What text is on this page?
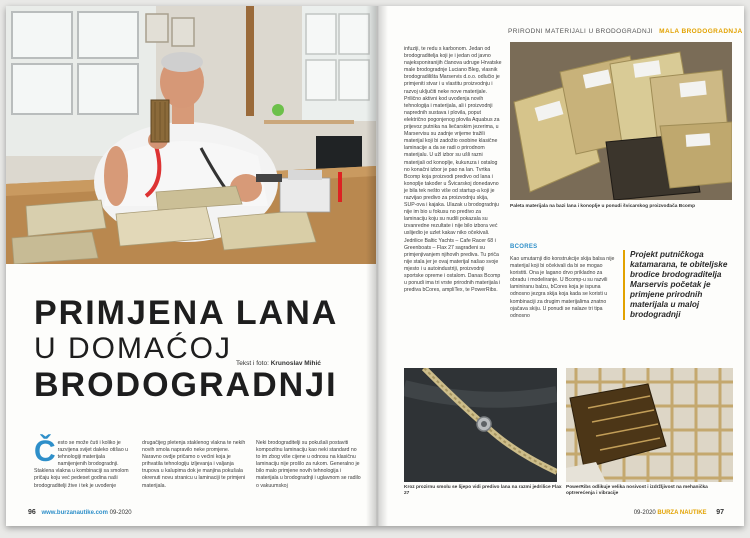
PRIMJENA LANA
U DOMAĆOJ
BRODOGRADNJI
Tekst i foto: Krunoslav Mihić
Č esto se može čuti i koliko je razvijena svijet daleko otišao u tehnologiji materijala namijenjenih brodogradnji. Staklena vlakna u kombinaciji sa smolom pričaju koju već pedeset godina naši brodograditelji žive i tek je uvođenje
drugačijeg pletenja staklenog vlakna te nekih novih smola napravilo neke promjene. Naravno ovdje pričamo o većini koja je prihvatila tehnologiju izljevanja i valjanja trupova u kalupima dok je manjina pokušala okrenuti novu stranicu u laminaciji te primjeni materijala.
Neki brodograditelji su pokušali postaviti kompozitnu laminaciju kao neki standard no to im zbog više cijene u odnosu na klasičnu laminaciju nije prošlo za rukom. Generalno je bilo malo primjene novih tehnologija i materijala u brodogradnji i uglavnom se radilo o vakuumskoj
96 www.burzanautike.com 09-2020
PRIRODNI MATERIJALI U BRODOGRADNJI MALA BRODOGRADNJA
infuziji, te redu s karbonom. Jedan od brodograditelja koji je i jedan od javno najeksponiranijih članova udruge Hrvatske male brodogradnje Luciano Bleg, vlasnik brodogradilišta Marservis d.o.o. odlučio je primjeniti stvar i u vlastitu proizvodnju i razvoj uključiti neke nove materijale. Prilično aktivni kod uvođenja novih tehnologija i materijala, ali i proizvodnji naprednih sustava i plovila, poput električno pogonjenog plovila Aquabus za prijevoz putnika na liečarskim jezerima, u Marservisu su zadnje vrijeme tražili materijal koji bi zadožio osobine klasične laminacije a da se radi o prirodnom materijalu. U užl izbor su ušli razni materijali od konoplje, kukuruza i ostalog no konačni izbor je pao na lan. Tvrtka Bcomp koja proizvodi predivo od lana i konoplje također u Švicarskoj donedavno je bila tek nešto više od startup-a koji je razvijao predivo za proizvodnju skija, SUP-ova i kajaka. Ulazak u brodogradnju nije im bio u fokusu no predivo za laminaciju koju su nudili pokazala su izvanredne rezultate i nije bilo izbora već uslijedio je uzlet kakav niko očekivali. Jedrilice Baltic Yachts – Cafe Racer 68 i Greenboats – Flax 27 sagrađeni su primjenjivanjem njihovih prediva. Tu priča nije stala jer je ovaj materijal našao svoje mjesto i u autoindustriji, proizvodnji sportske opreme i ostalom. Danas Bcomp u ponudi ima tri vrste prirodnih materijala i prediva bCores, ampliTex, te PowerRibs.
Paleta materijala na bazi lana i konoplje u ponudi švicarskog proizvođača Bcomp
BCORES
Kao umutarnji dio konstrukcije skija balsa nije materijal koji bi očekivali da bi se mogao koristiti. Ona je lagano drvo prikladno za obradu i modeliranje. U Bcomp-u su razvili laminiranu balzu, bCores koja je ispuna odnosno jezgra skija koja kada se koristi u kombinaciji za drugim materijalima znatno ojačava skiju. U ponudi se nalaze tri tipa odnosno
Projekt putničkoga katamarana, te obiteljske brodice brodograditelja Marservis početak je primjene prirodnih materijala u maloj brodogradnji
Kroz prozirnu smolu se lijepo vidi predivo lana na razmi jedrilice Flax 27
PowerRibs odlikuje velika nosivost i izdržljivost na mehanička optrerećenja i vibracije
09-2020 BURZA NAUTIKE 97
